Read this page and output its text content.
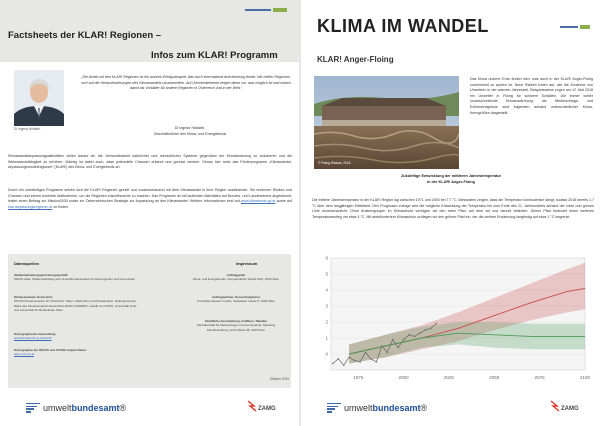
Factsheets der KLAR! Regionen –
Infos zum KLAR! Programm
DI Ingmar Höbarth

„Die Arbeit mit den KLAR! Regionen ist ein wahres Erfolgsbeispiel, das auch international Anerkennung findet. Wir helfen Regionen, sich auf die Herausforderungen des Klimawandels vorzubereiten. Auf Gemeindeebene zeigen diese vor, was möglich ist und wirken damit als Vorbilder für andere Regionen in Österreich und in der Welt.“

DI Ingmar Höbarth,
Geschäftsführer des Klima- und Energiefonds

Klimawandelanpassungsaktivitäten zielen darauf ab, die Verwundbarkeit natürlicher und menschlicher Systeme gegenüber der Klimaänderung zu reduzieren und die Widerstandsfähigkeit zu erhöhen. Wichtig ist dabei auch, dass potenzielle Chancen erkannt und genutzt werden. Genau hier setzt das Förderprogramm „Klimawandel-Anpassungsmodellregionen“ (KLAR!) des Klima- und Energiefonds an.

Durch ein zweistufiges Programm setzen sich die KLAR! Regionen gezielt und vorausschauend mit dem Klimawandel in ihrer Region auseinander. Sie erkennen Risiken und Chancen und setzen konkrete Maßnahmen, um die Regionen zukunftssicher zu machen. Das Programm ist mit laufenden Aktivitäten auf Bundes- und Landesebene abgestimmt, leistet einen Beitrag zur Mission2030 sowie zur Österreichischen Strategie zur Anpassung an den Klimawandel. Weitere Informationen sind auf www.klimafonds.gv.at sowie auf klar-anpassungsregionen.at zu finden.

Datenquellen
Stadtentwicklungsplan Energiepolitik:
ÖROK-Atlas, Stadtentwicklung des Umweltbundesamtes für Kleinregionen und Gemeinden
Klimaszenarien Österreich:
ÖKS15 Klimaszenarien für Österreich. Daten, Methoden und Klimaanalyse, Datenportal auf Basis des Klimaszenarien-Ensembles EURO-CORDEX, erstellt von ZAMG, Universität Graz und Universität für Bodenkultur Wien
Kartographische Darstellung:
www.klimafonds.gv.at/oks15
Kartographie der ÖKS15 und STARC-Impact Daten:
data.ccca.ac.at
Impressum
Auftraggeber
Klima- und Energiefonds, Gumpendorfer Straße 5/22, 1060 Wien
Auftragnehmer, Konsortialpartner
Umweltbundesamt GmbH, Spittelauer Lände 5, 1090 Wien
Inhaltliche Ausarbeitung, Grafiken, Tabellen
Zentralanstalt für Meteorologie und Geodynamik, Abteilung Klimaforschung, Hohe Warte 38, 1190 Wien
Oktober 2019
umweltbundesamt®	ZAMG
KLIMA IM WANDEL
KLAR! Anger-Floing
© Floing-Wasser, 2018

Das Klima unserer Erde ändert sich, was auch in der KLAR! Anger-Floing zunehmend zu spüren ist. Neue Risiken treten auf, wie die Zunahme von Unwettern in der warmen Jahreszeit. Beispielsweise zogen am 12. Mai 2018 ein Unwetter in Floing für schwere Schäden. Die immer weiter voranschreitende Klimaerwärmung, die Niederschlags- und Extremereignisse sind folgenden anhand unterschiedlicher Klima-Kenngrößen dargestellt.

Zukünftige Entwicklung der mittleren Jahrestemperatur
in der KLAR! Anger-Floing

Die mittlere Jahrestemperatur in der KLAR! Region lag zwischen 1971 und 2000 bei 7,7 °C. Messdaten zeigen, dass die Temperatur kontinuierlich steigt, sodass 2018 bereits 1,7 °C über dem langjährigen Mittelwert. Den Prognosen zufolge wird die mögliche Entwicklung der Temperatur bis zum Ende des 21. Jahrhunderts anhand der roten und grünen Linie veranschaulicht. Ohne Anstrengungen im Klimaschutz verfolgen wir den roten Pfad, auf dem wir uns derzeit befinden. Dieser Pfad bedeutet einen weiteren Temperaturanstieg um etwa 4 °C. Mit ambitioniertem Klimaschutz schlagen wir den grünen Pfad ein, der die weitere Erwärmung langfristig auf etwa 1 °C begrenzt.

0
1
2
3
4
5
6
1975	2000	2025	2050	2075	2100
umweltbundesamt®	ZAMG
